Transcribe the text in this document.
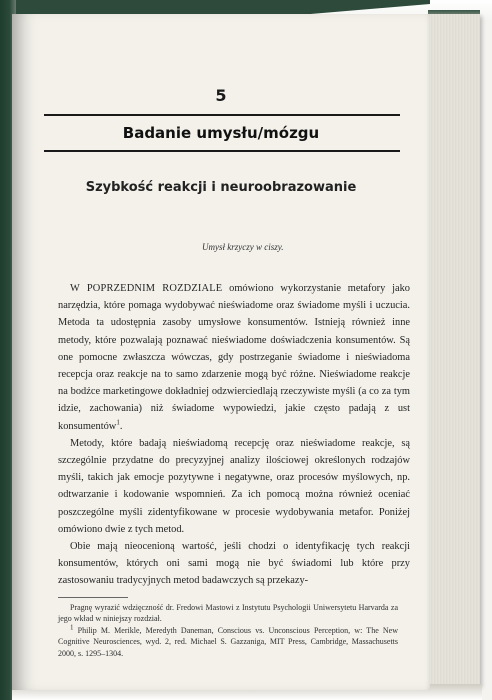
5
Badanie umysłu/mózgu
Szybkość reakcji i neuroobrazowanie
Umysł krzyczy w ciszy.

W POPRZEDNIM ROZDZIALE omówiono wykorzystanie metafory jako narzędzia, które pomaga wydobywać nieświadome oraz świadome myśli i uczucia. Metoda ta udostępnia zasoby umysłowe konsumentów. Istnieją również inne metody, które pozwalają poznawać nieświadome doświadczenia konsumentów. Są one pomocne zwłaszcza wówczas, gdy postrzeganie świadome i nieświadoma recepcja oraz reakcje na to samo zdarzenie mogą być różne. Nieświadome reakcje na bodźce marketingowe dokładniej odzwierciedlają rzeczywiste myśli (a co za tym idzie, zachowania) niż świadome wypowiedzi, jakie często padają z ust konsumentów$^1$.

Metody, które badają nieświadomą recepcję oraz nieświadome reakcje, są szczególnie przydatne do precyzyjnej analizy ilościowej określonych rodzajów myśli, takich jak emocje pozytywne i negatywne, oraz procesów myślowych, np. odtwarzanie i kodowanie wspomnień. Za ich pomocą można również oceniać poszczególne myśli zidentyfikowane w procesie wydobywania metafor. Poniżej omówiono dwie z tych metod.

Obie mają nieocenioną wartość, jeśli chodzi o identyfikację tych reakcji konsumentów, których oni sami mogą nie być świadomi lub które przy zastosowaniu tradycyjnych metod badawczych są przekazy-

Pragnę wyrazić wdzięczność dr. Fredowi Mastowi z Instytutu Psychologii Uniwersytetu Harvarda za jego wkład w niniejszy rozdział.

1 Philip M. Merikle, Meredyth Daneman, Conscious vs. Unconscious Perception, w: The New Cognitive Neurosciences, wyd. 2, red. Michael S. Gazzaniga, MIT Press, Cambridge, Massachusetts 2000, s. 1295–1304.
